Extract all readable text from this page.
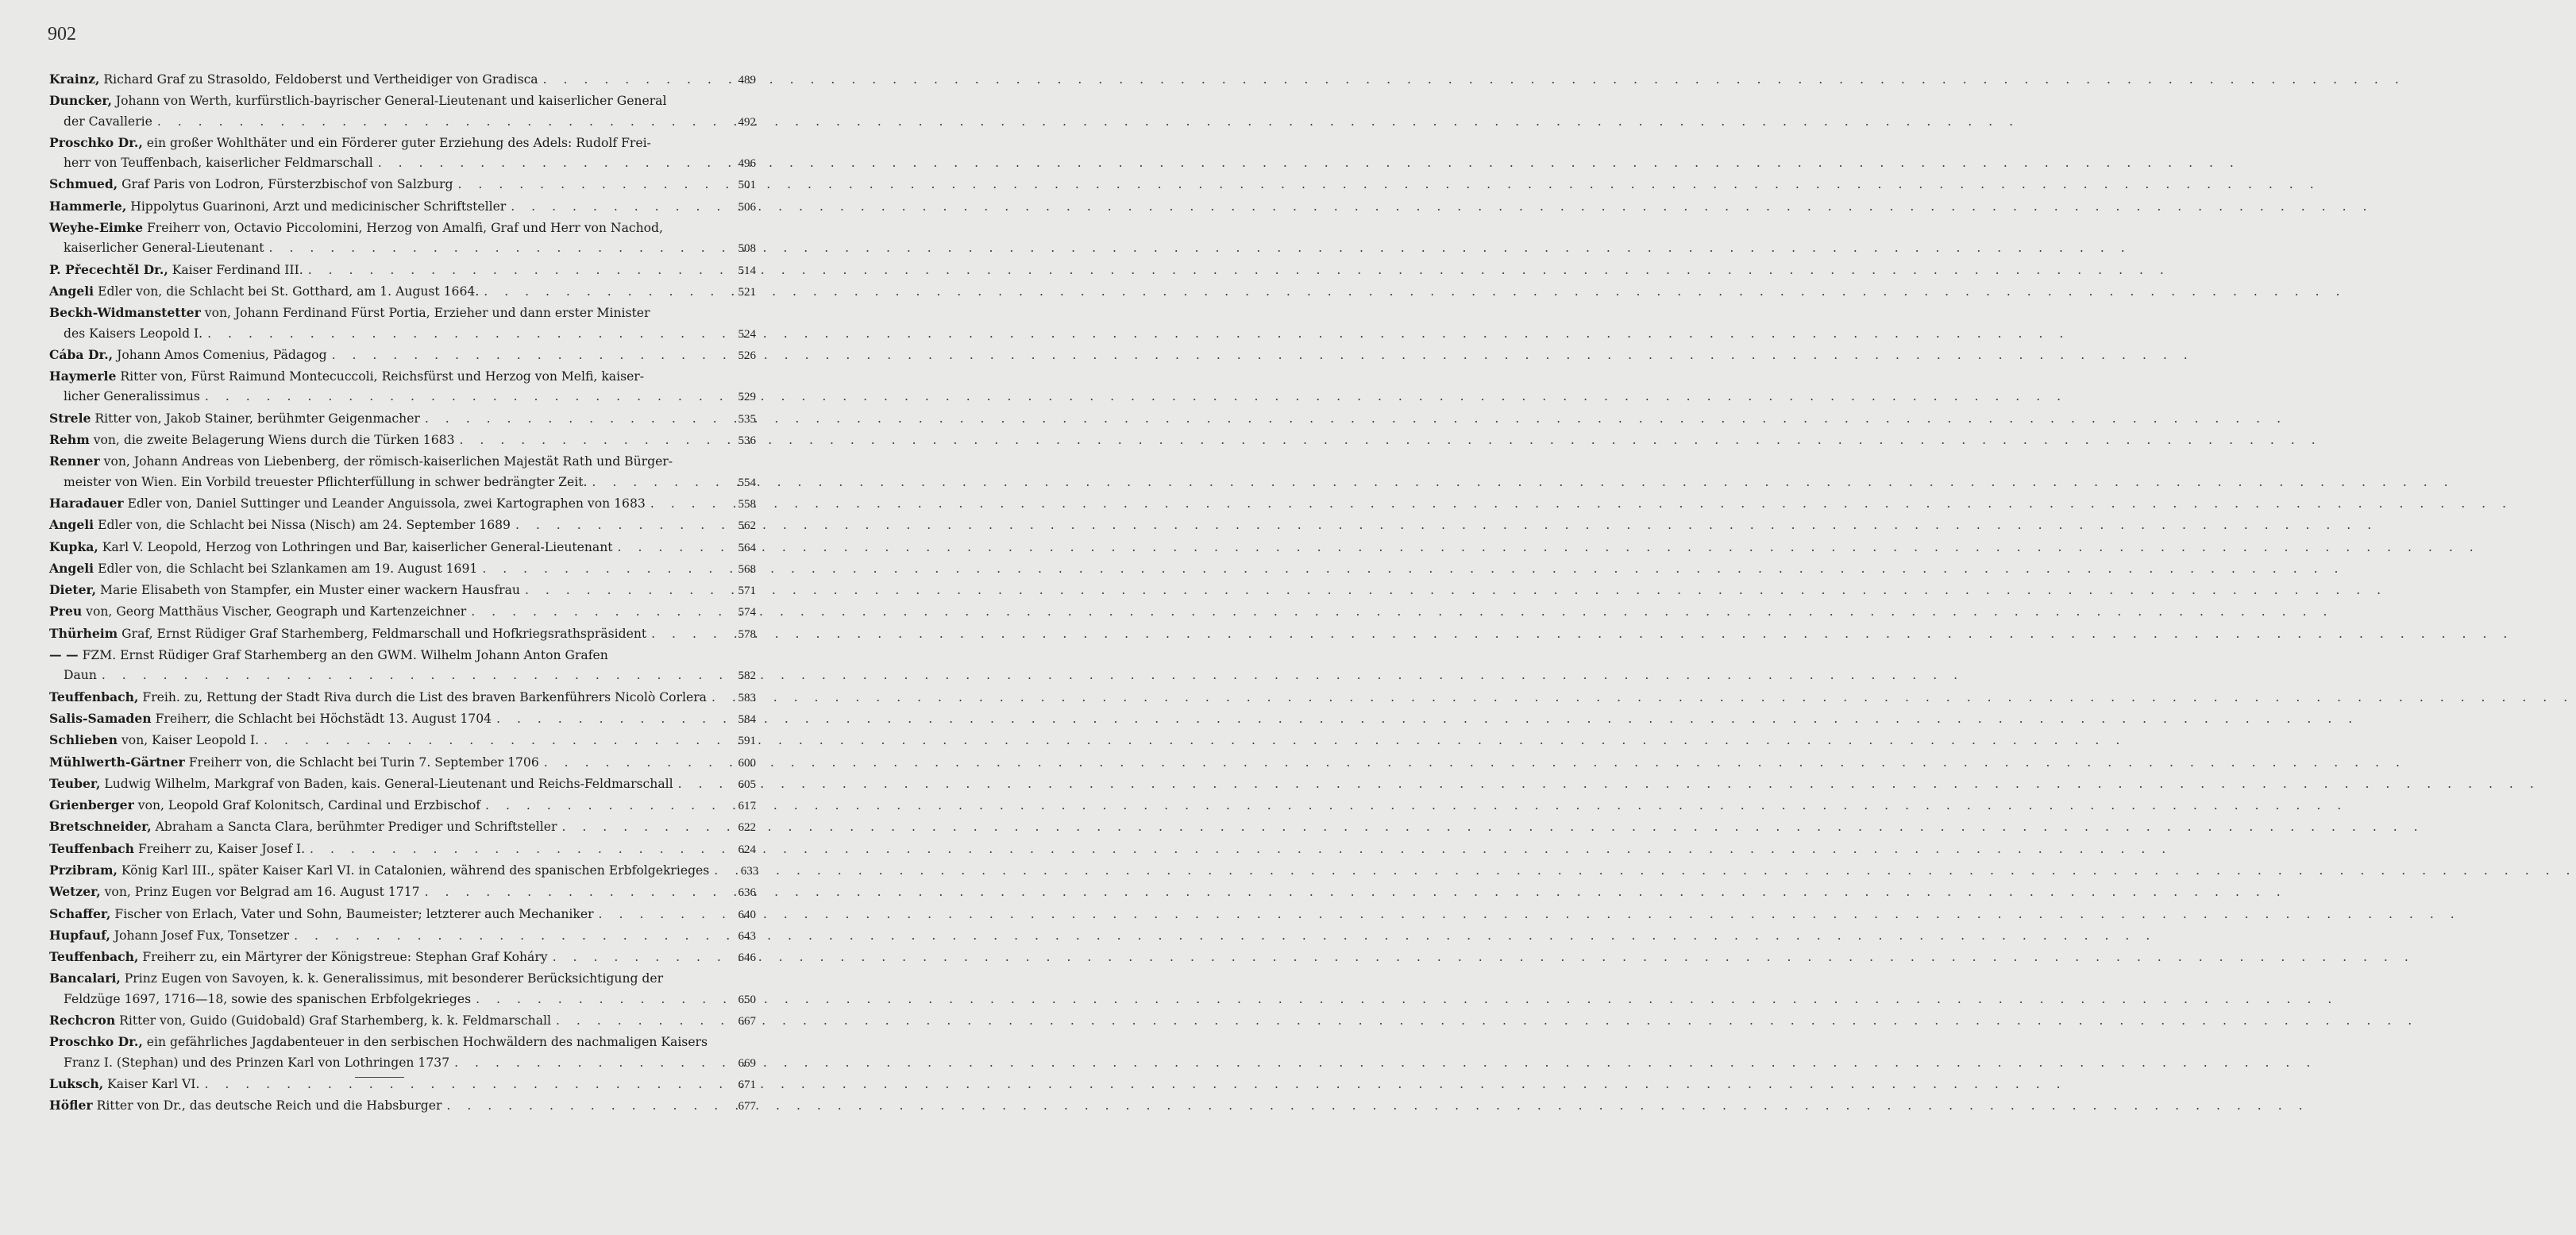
902
Krainz, Richard Graf zu Strasoldo, Feldoberst und Vertheidiger von Gradisca . . .	489
Duncker, Johann von Werth, kurfürstlich-bayrischer General-Lieutenant und kaiserlicher General
der Cavallerie . . .	492
Proschko Dr., ein großer Wohlthäter und ein Förderer guter Erziehung des Adels: Rudolf Frei-
herr von Teuffenbach, kaiserlicher Feldmarschall . . .	496
Schmued, Graf Paris von Lodron, Fürsterzbischof von Salzburg . . .	501
Hammerle, Hippolytus Guarinoni, Arzt und medicinischer Schriftsteller . . .	506
Weyhe-Eimke Freiherr von, Octavio Piccolomini, Herzog von Amalfi, Graf und Herr von Nachod,
kaiserlicher General-Lieutenant . . .	508
P. Přecechtěl Dr., Kaiser Ferdinand III. . . .	514
Angeli Edler von, die Schlacht bei St. Gotthard, am 1. August 1664. . . .	521
Beckh-Widmanstetter von, Johann Ferdinand Fürst Portia, Erzieher und dann erster Minister
des Kaisers Leopold I. . . .	524
Cába Dr., Johann Amos Comenius, Pädagog . . .	526
Haymerle Ritter von, Fürst Raimund Montecuccoli, Reichsfürst und Herzog von Melfi, kaiser-
licher Generalissimus . . .	529
Strele Ritter von, Jakob Stainer, berühmter Geigenmacher . . .	535
Rehm von, die zweite Belagerung Wiens durch die Türken 1683 . . .	536
Renner von, Johann Andreas von Liebenberg, der römisch-kaiserlichen Majestät Rath und Bürger-
meister von Wien. Ein Vorbild treuester Pflichterfüllung in schwer bedrängter Zeit. . . .	554
Haradauer Edler von, Daniel Suttinger und Leander Anguissola, zwei Kartographen von 1683 . . .	558
Angeli Edler von, die Schlacht bei Nissa (Nisch) am 24. September 1689 . . .	562
Kupka, Karl V. Leopold, Herzog von Lothringen und Bar, kaiserlicher General-Lieutenant . . .	564
Angeli Edler von, die Schlacht bei Szlankamen am 19. August 1691 . . .	568
Dieter, Marie Elisabeth von Stampfer, ein Muster einer wackern Hausfrau . . .	571
Preu von, Georg Matthäus Vischer, Geograph und Kartenzeichner . . .	574
Thürheim Graf, Ernst Rüdiger Graf Starhemberg, Feldmarschall und Hofkriegsrathspräsident . . .	578
— — FZM. Ernst Rüdiger Graf Starhemberg an den GWM. Wilhelm Johann Anton Grafen
Daun . . .	582
Teuffenbach, Freih. zu, Rettung der Stadt Riva durch die List des braven Barkenführers Nicolò Corlera . . .	583
Salis-Samaden Freiherr, die Schlacht bei Höchstädt 13. August 1704 . . .	584
Schlieben von, Kaiser Leopold I. . . .	591
Mühlwerth-Gärtner Freiherr von, die Schlacht bei Turin 7. September 1706 . . .	600
Teuber, Ludwig Wilhelm, Markgraf von Baden, kais. General-Lieutenant und Reichs-Feldmarschall . . .	605
Grienberger von, Leopold Graf Kolonitsch, Cardinal und Erzbischof . . .	617
Bretschneider, Abraham a Sancta Clara, berühmter Prediger und Schriftsteller . . .	622
Teuffenbach Freiherr zu, Kaiser Josef I. . . .	624
Przibram, König Karl III., später Kaiser Karl VI. in Catalonien, während des spanischen Erbfolgekrieges . . .	633
Wetzer, von, Prinz Eugen vor Belgrad am 16. August 1717 . . .	636
Schaffer, Fischer von Erlach, Vater und Sohn, Baumeister; letzterer auch Mechaniker . . .	640
Hupfauf, Johann Josef Fux, Tonsetzer . . .	643
Teuffenbach, Freiherr zu, ein Märtyrer der Königstreue: Stephan Graf Koháry . . .	646
Bancalari, Prinz Eugen von Savoyen, k. k. Generalissimus, mit besonderer Berücksichtigung der
Feldzüge 1697, 1716—18, sowie des spanischen Erbfolgekrieges . . .	650
Rechcron Ritter von, Guido (Guidobald) Graf Starhemberg, k. k. Feldmarschall . . .	667
Proschko Dr., ein gefährliches Jagdabenteuer in den serbischen Hochwäldern des nachmaligen Kaisers
Franz I. (Stephan) und des Prinzen Karl von Lothringen 1737 . . .	669
Luksch, Kaiser Karl VI. . . .	671
Höfler Ritter von Dr., das deutsche Reich und die Habsburger . . .	677
